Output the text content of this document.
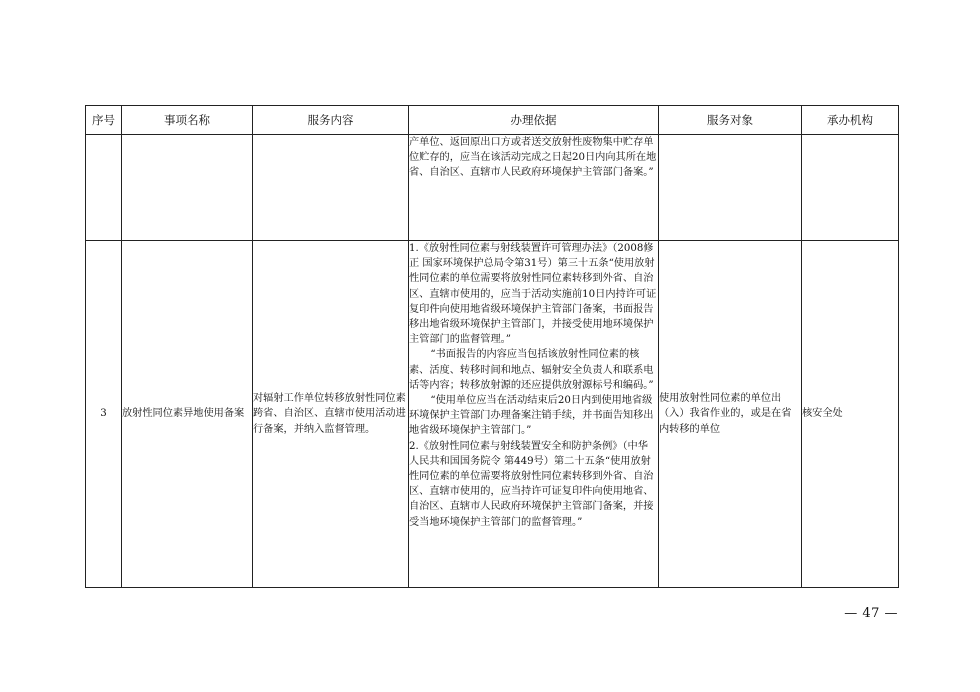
序号	事项名称	服务内容	办理依据	服务对象	承办机构

			产单位、返回原出口方或者送交放射性废物集中贮存单位贮存的，应当在该活动完成之日起20日内向其所在地省、自治区、直辖市人民政府环境保护主管部门备案。”		

3	放射性同位素异地使用备案	对辐射工作单位转移放射性同位素跨省、自治区、直辖市使用活动进行备案，并纳入监督管理。	1.《放射性同位素与射线装置许可管理办法》（2008修正 国家环境保护总局令第31号）第三十五条“使用放射性同位素的单位需要将放射性同位素转移到外省、自治区、直辖市使用的，应当于活动实施前10日内持许可证复印件向使用地省级环境保护主管部门备案，书面报告移出地省级环境保护主管部门，并接受使用地环境保护主管部门的监督管理。”

“书面报告的内容应当包括该放射性同位素的核素、活度、转移时间和地点、辐射安全负责人和联系电话等内容；转移放射源的还应提供放射源标号和编码。”

“使用单位应当在活动结束后20日内到使用地省级环境保护主管部门办理备案注销手续，并书面告知移出地省级环境保护主管部门。”

2.《放射性同位素与射线装置安全和防护条例》（中华人民共和国国务院令 第449号）第二十五条“使用放射性同位素的单位需要将放射性同位素转移到外省、自治区、直辖市使用的，应当持许可证复印件向使用地省、自治区、直辖市人民政府环境保护主管部门备案，并接受当地环境保护主管部门的监督管理。”	使用放射性同位素的单位出（入）我省作业的，或是在省内转移的单位	核安全处
— 47 —
